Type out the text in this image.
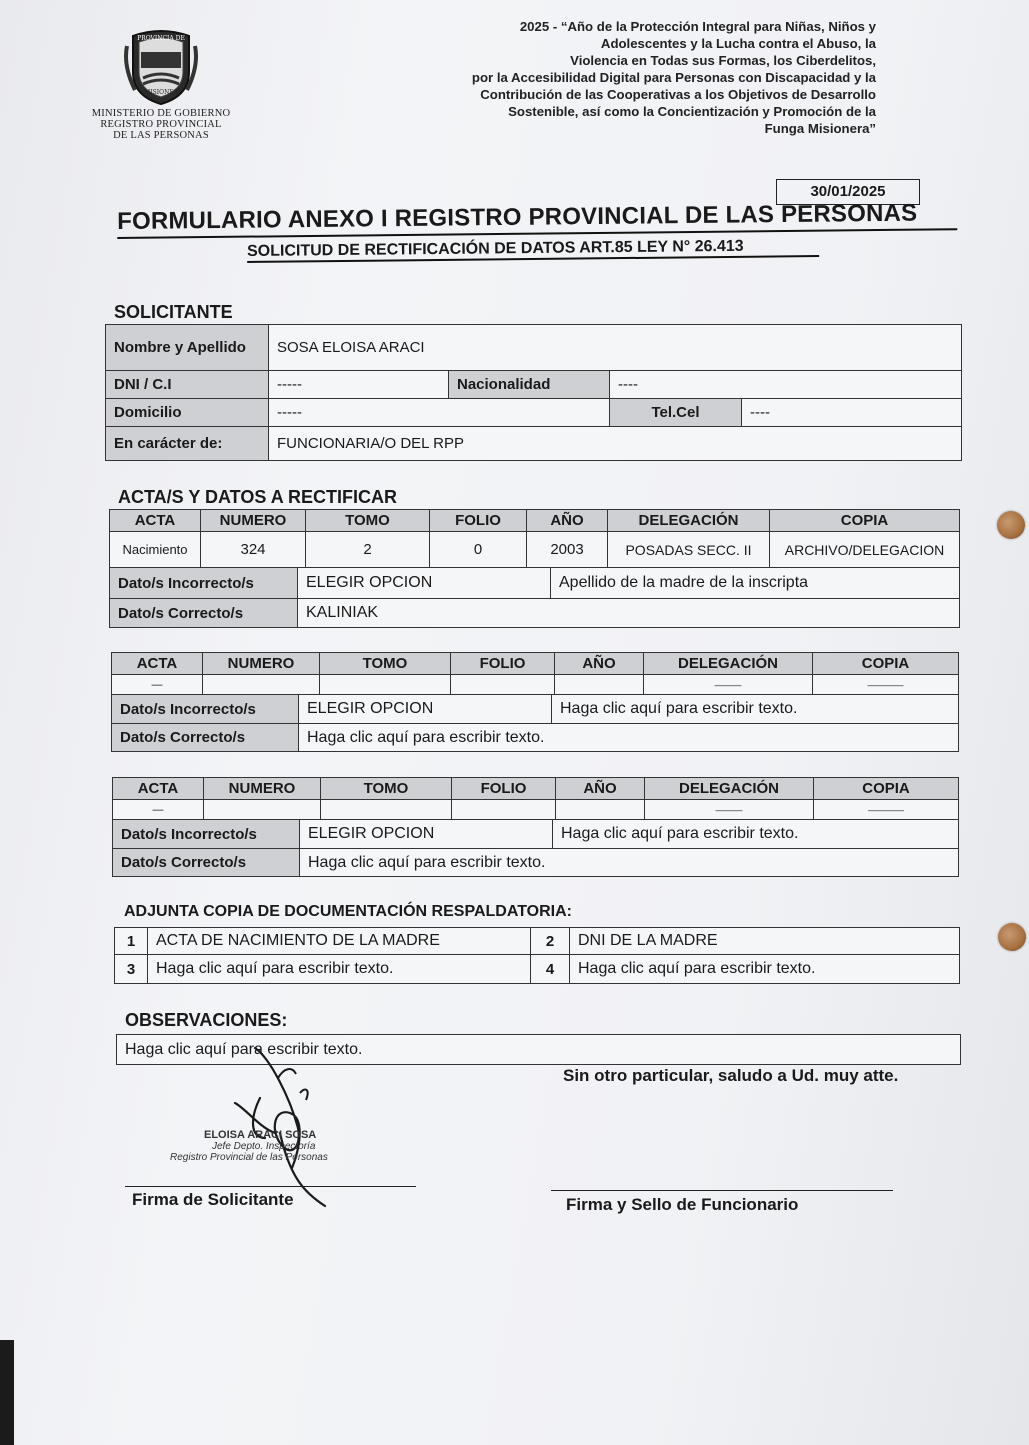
PROVINCIA DE
MISIONES
MINISTERIO DE GOBIERNO
REGISTRO PROVINCIAL
DE LAS PERSONAS
2025 - “Año de la Protección Integral para Niñas, Niños y
Adolescentes y la Lucha contra el Abuso, la
Violencia en Todas sus Formas, los Ciberdelitos,
por la Accesibilidad Digital para Personas con Discapacidad y la
Contribución de las Cooperativas a los Objetivos de Desarrollo
Sostenible, así como la Concientización y Promoción de la
Funga Misionera”
30/01/2025
FORMULARIO ANEXO I REGISTRO PROVINCIAL DE LAS PERSONAS
SOLICITUD DE RECTIFICACIÓN DE DATOS ART.85 LEY N° 26.413
SOLICITANTE
Nombre y Apellido	SOSA ELOISA ARACI			
DNI / C.I	-----	Nacionalidad	----	
Domicilio	-----		Tel.Cel	----
En carácter de:	FUNCIONARIA/O DEL RPP			
ACTA/S Y DATOS A RECTIFICAR
ACTA	NUMERO	TOMO	FOLIO	AÑO	DELEGACIÓN	COPIA
Nacimiento	324	2	0	2003	POSADAS SECC. II	ARCHIVO/DELEGACION
Dato/s Incorrecto/s	ELEGIR OPCION	Apellido de la madre de la inscripta
Dato/s Correcto/s	KALINIAK	
ACTA	NUMERO	TOMO	FOLIO	AÑO	DELEGACIÓN	COPIA
—					———	————
Dato/s Incorrecto/s	ELEGIR OPCION	Haga clic aquí para escribir texto.
Dato/s Correcto/s	Haga clic aquí para escribir texto.	
ACTA	NUMERO	TOMO	FOLIO	AÑO	DELEGACIÓN	COPIA
—					———	————
Dato/s Incorrecto/s	ELEGIR OPCION	Haga clic aquí para escribir texto.
Dato/s Correcto/s	Haga clic aquí para escribir texto.	
ADJUNTA COPIA DE DOCUMENTACIÓN RESPALDATORIA:
1	ACTA DE NACIMIENTO DE LA MADRE	2	DNI DE LA MADRE
3	Haga clic aquí para escribir texto.	4	Haga clic aquí para escribir texto.
OBSERVACIONES:
Haga clic aquí para escribir texto.
Sin otro particular, saludo a Ud. muy atte.
ELOISA ARACI SOSA
Jefe Depto. Inspectoría
Registro Provincial de las Personas
Firma de Solicitante	Firma y Sello de Funcionario
